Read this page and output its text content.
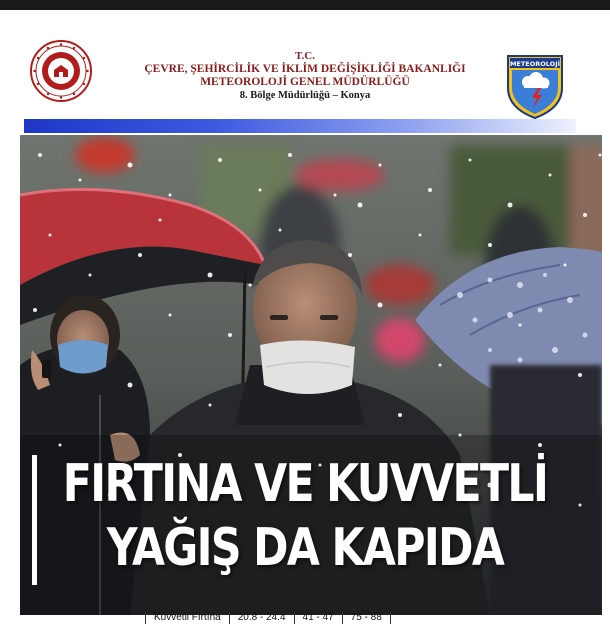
T.C.
ÇEVRE, ŞEHİRCİLİK VE İKLİM DEĞİŞİKLİĞİ BAKANLIĞI
METEOROLOJİ GENEL MÜDÜRLÜĞÜ
8. Bölge Müdürlüğü – Konya
METEOROLOJİ
FIRTINA VE KUVVETLİ
YAĞIŞ DA KAPIDA
Kuvvetli Fırtına	20.8 - 24.4	41 - 47	75 - 88
